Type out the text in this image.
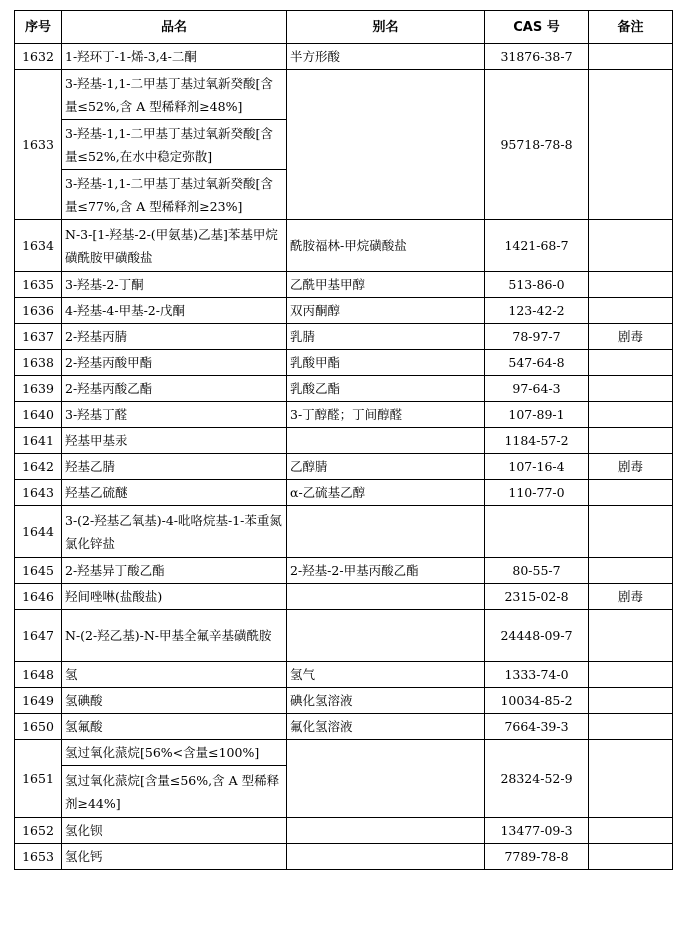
序号	品名	别名	CAS 号	备注
1632	1-羟环丁-1-烯-3,4-二酮	半方形酸	31876-38-7	
1633	3-羟基-1,1-二甲基丁基过氧新癸酸[含量≤52%,含 A 型稀释剂≥48%]		95718-78-8	
	3-羟基-1,1-二甲基丁基过氧新癸酸[含量≤52%,在水中稳定弥散]			
	3-羟基-1,1-二甲基丁基过氧新癸酸[含量≤77%,含 A 型稀释剂≥23%]			
1634	N-3-[1-羟基-2-(甲氨基)乙基]苯基甲烷磺酰胺甲磺酸盐	酰胺福林-甲烷磺酸盐	1421-68-7	
1635	3-羟基-2-丁酮	乙酰甲基甲醇	513-86-0	
1636	4-羟基-4-甲基-2-戊酮	双丙酮醇	123-42-2	
1637	2-羟基丙腈	乳腈	78-97-7	剧毒
1638	2-羟基丙酸甲酯	乳酸甲酯	547-64-8	
1639	2-羟基丙酸乙酯	乳酸乙酯	97-64-3	
1640	3-羟基丁醛	3-丁醇醛；丁间醇醛	107-89-1	
1641	羟基甲基汞		1184-57-2	
1642	羟基乙腈	乙醇腈	107-16-4	剧毒
1643	羟基乙硫醚	α-乙硫基乙醇	110-77-0	
1644	3-(2-羟基乙氧基)-4-吡咯烷基-1-苯重氮氯化锌盐			
1645	2-羟基异丁酸乙酯	2-羟基-2-甲基丙酸乙酯	80-55-7	
1646	羟间唑啉(盐酸盐)		2315-02-8	剧毒
1647	N-(2-羟乙基)-N-甲基全氟辛基磺酰胺		24448-09-7	
1648	氢	氢气	1333-74-0	
1649	氢碘酸	碘化氢溶液	10034-85-2	
1650	氢氟酸	氟化氢溶液	7664-39-3	
1651	氢过氧化蒎烷[56%<含量≤100%]		28324-52-9	
	氢过氧化蒎烷[含量≤56%,含 A 型稀释剂≥44%]			
1652	氢化钡		13477-09-3	
1653	氢化钙		7789-78-8	
